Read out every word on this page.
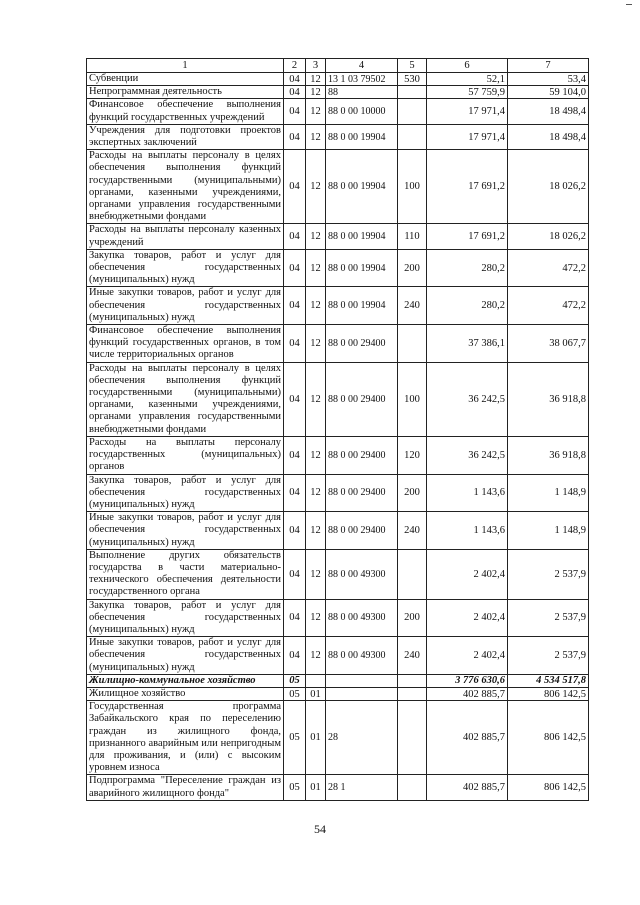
1	2	3	4	5	6	7
Субвенции	04	12	13 1 03 79502	530	52,1	53,4
Непрограммная деятельность	04	12	88		57 759,9	59 104,0
Финансовое обеспечение выполнения функций государственных учреждений	04	12	88 0 00 10000		17 971,4	18 498,4
Учреждения для подготовки проектов экспертных заключений	04	12	88 0 00 19904		17 971,4	18 498,4
Расходы на выплаты персоналу в целях обеспечения выполнения функций государственными (муниципальными) органами, казенными учреждениями, органами управления государственными внебюджетными фондами	04	12	88 0 00 19904	100	17 691,2	18 026,2
Расходы на выплаты персоналу казенных учреждений	04	12	88 0 00 19904	110	17 691,2	18 026,2
Закупка товаров, работ и услуг для обеспечения государственных (муниципальных) нужд	04	12	88 0 00 19904	200	280,2	472,2
Иные закупки товаров, работ и услуг для обеспечения государственных (муниципальных) нужд	04	12	88 0 00 19904	240	280,2	472,2
Финансовое обеспечение выполнения функций государственных органов, в том числе территориальных органов	04	12	88 0 00 29400		37 386,1	38 067,7
Расходы на выплаты персоналу в целях обеспечения выполнения функций государственными (муниципальными) органами, казенными учреждениями, органами управления государственными внебюджетными фондами	04	12	88 0 00 29400	100	36 242,5	36 918,8
Расходы на выплаты персоналу государственных (муниципальных) органов	04	12	88 0 00 29400	120	36 242,5	36 918,8
Закупка товаров, работ и услуг для обеспечения государственных (муниципальных) нужд	04	12	88 0 00 29400	200	1 143,6	1 148,9
Иные закупки товаров, работ и услуг для обеспечения государственных (муниципальных) нужд	04	12	88 0 00 29400	240	1 143,6	1 148,9
Выполнение других обязательств государства в части материально-технического обеспечения деятельности государственного органа	04	12	88 0 00 49300		2 402,4	2 537,9
Закупка товаров, работ и услуг для обеспечения государственных (муниципальных) нужд	04	12	88 0 00 49300	200	2 402,4	2 537,9
Иные закупки товаров, работ и услуг для обеспечения государственных (муниципальных) нужд	04	12	88 0 00 49300	240	2 402,4	2 537,9
Жилищно-коммунальное хозяйство	05				3 776 630,6	4 534 517,8
Жилищное хозяйство	05	01			402 885,7	806 142,5
Государственная программа Забайкальского края по переселению граждан из жилищного фонда, признанного аварийным или непригодным для проживания, и (или) с высоким уровнем износа	05	01	28		402 885,7	806 142,5
Подпрограмма "Переселение граждан из аварийного жилищного фонда"	05	01	28 1		402 885,7	806 142,5
54
